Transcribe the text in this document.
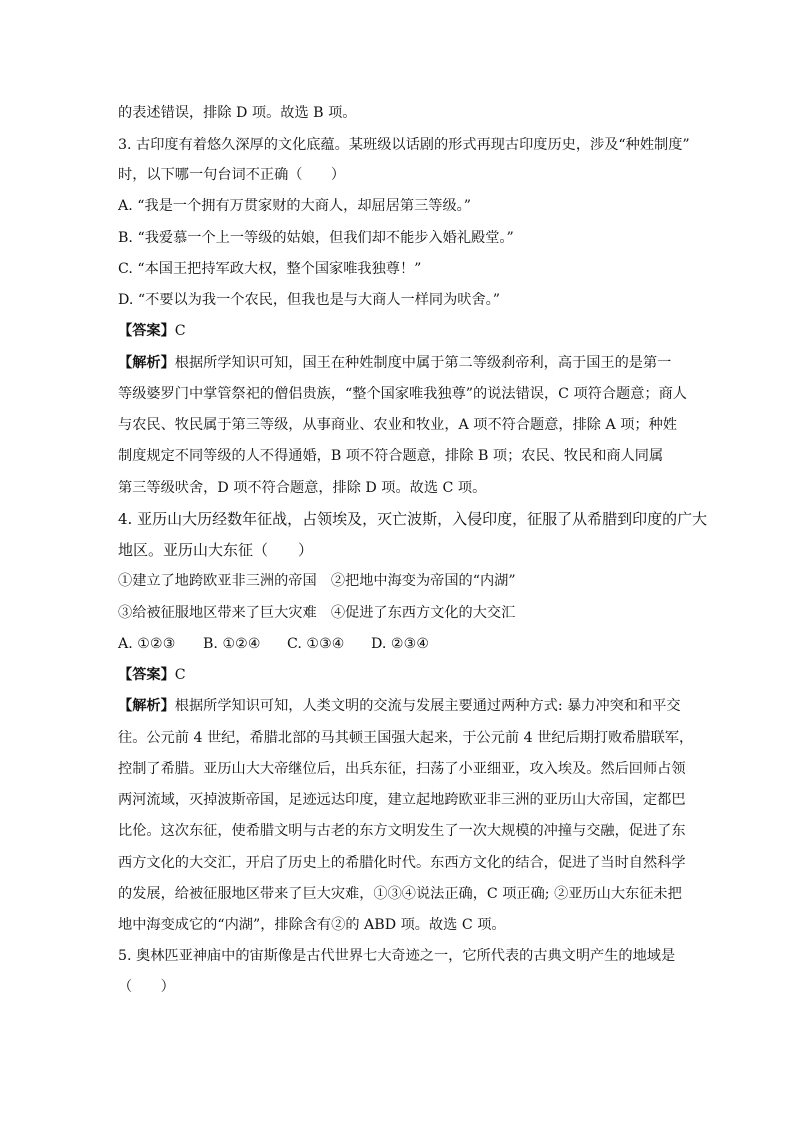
的表述错误，排除 D 项。故选 B 项。
3. 古印度有着悠久深厚的文化底蕴。某班级以话剧的形式再现古印度历史，涉及“种姓制度”
时，以下哪一句台词不正确（　　）
A. “我是一个拥有万贯家财的大商人，却屈居第三等级。”
B. “我爱慕一个上一等级的姑娘，但我们却不能步入婚礼殿堂。”
C. “本国王把持军政大权，整个国家唯我独尊！”
D. “不要以为我一个农民，但我也是与大商人一样同为吠舍。”
【答案】C
【解析】根据所学知识可知，国王在种姓制度中属于第二等级刹帝利，高于国王的是第一
等级婆罗门中掌管祭祀的僧侣贵族，“整个国家唯我独尊”的说法错误，C 项符合题意；商人
与农民、牧民属于第三等级，从事商业、农业和牧业，A 项不符合题意，排除 A 项；种姓
制度规定不同等级的人不得通婚，B 项不符合题意，排除 B 项；农民、牧民和商人同属
第三等级吠舍，D 项不符合题意，排除 D 项。故选 C 项。
4. 亚历山大历经数年征战，占领埃及，灭亡波斯，入侵印度，征服了从希腊到印度的广大
地区。亚历山大东征（　　）
①建立了地跨欧亚非三洲的帝国　②把地中海变为帝国的“内湖”
③给被征服地区带来了巨大灾难　④促进了东西方文化的大交汇
A. ①②③ B. ①②④ C. ①③④ D. ②③④
【答案】C
【解析】根据所学知识可知，人类文明的交流与发展主要通过两种方式: 暴力冲突和和平交
往。公元前 4 世纪，希腊北部的马其顿王国强大起来，于公元前 4 世纪后期打败希腊联军，
控制了希腊。亚历山大大帝继位后，出兵东征，扫荡了小亚细亚，攻入埃及。然后回师占领
两河流域，灭掉波斯帝国，足迹远达印度，建立起地跨欧亚非三洲的亚历山大帝国，定都巴
比伦。这次东征，使希腊文明与古老的东方文明发生了一次大规模的冲撞与交融，促进了东
西方文化的大交汇，开启了历史上的希腊化时代。东西方文化的结合，促进了当时自然科学
的发展，给被征服地区带来了巨大灾难，①③④说法正确，C 项正确; ②亚历山大东征未把
地中海变成它的“内湖”，排除含有②的 ABD 项。故选 C 项。
5. 奥林匹亚神庙中的宙斯像是古代世界七大奇迹之一，它所代表的古典文明产生的地域是
（　　）
